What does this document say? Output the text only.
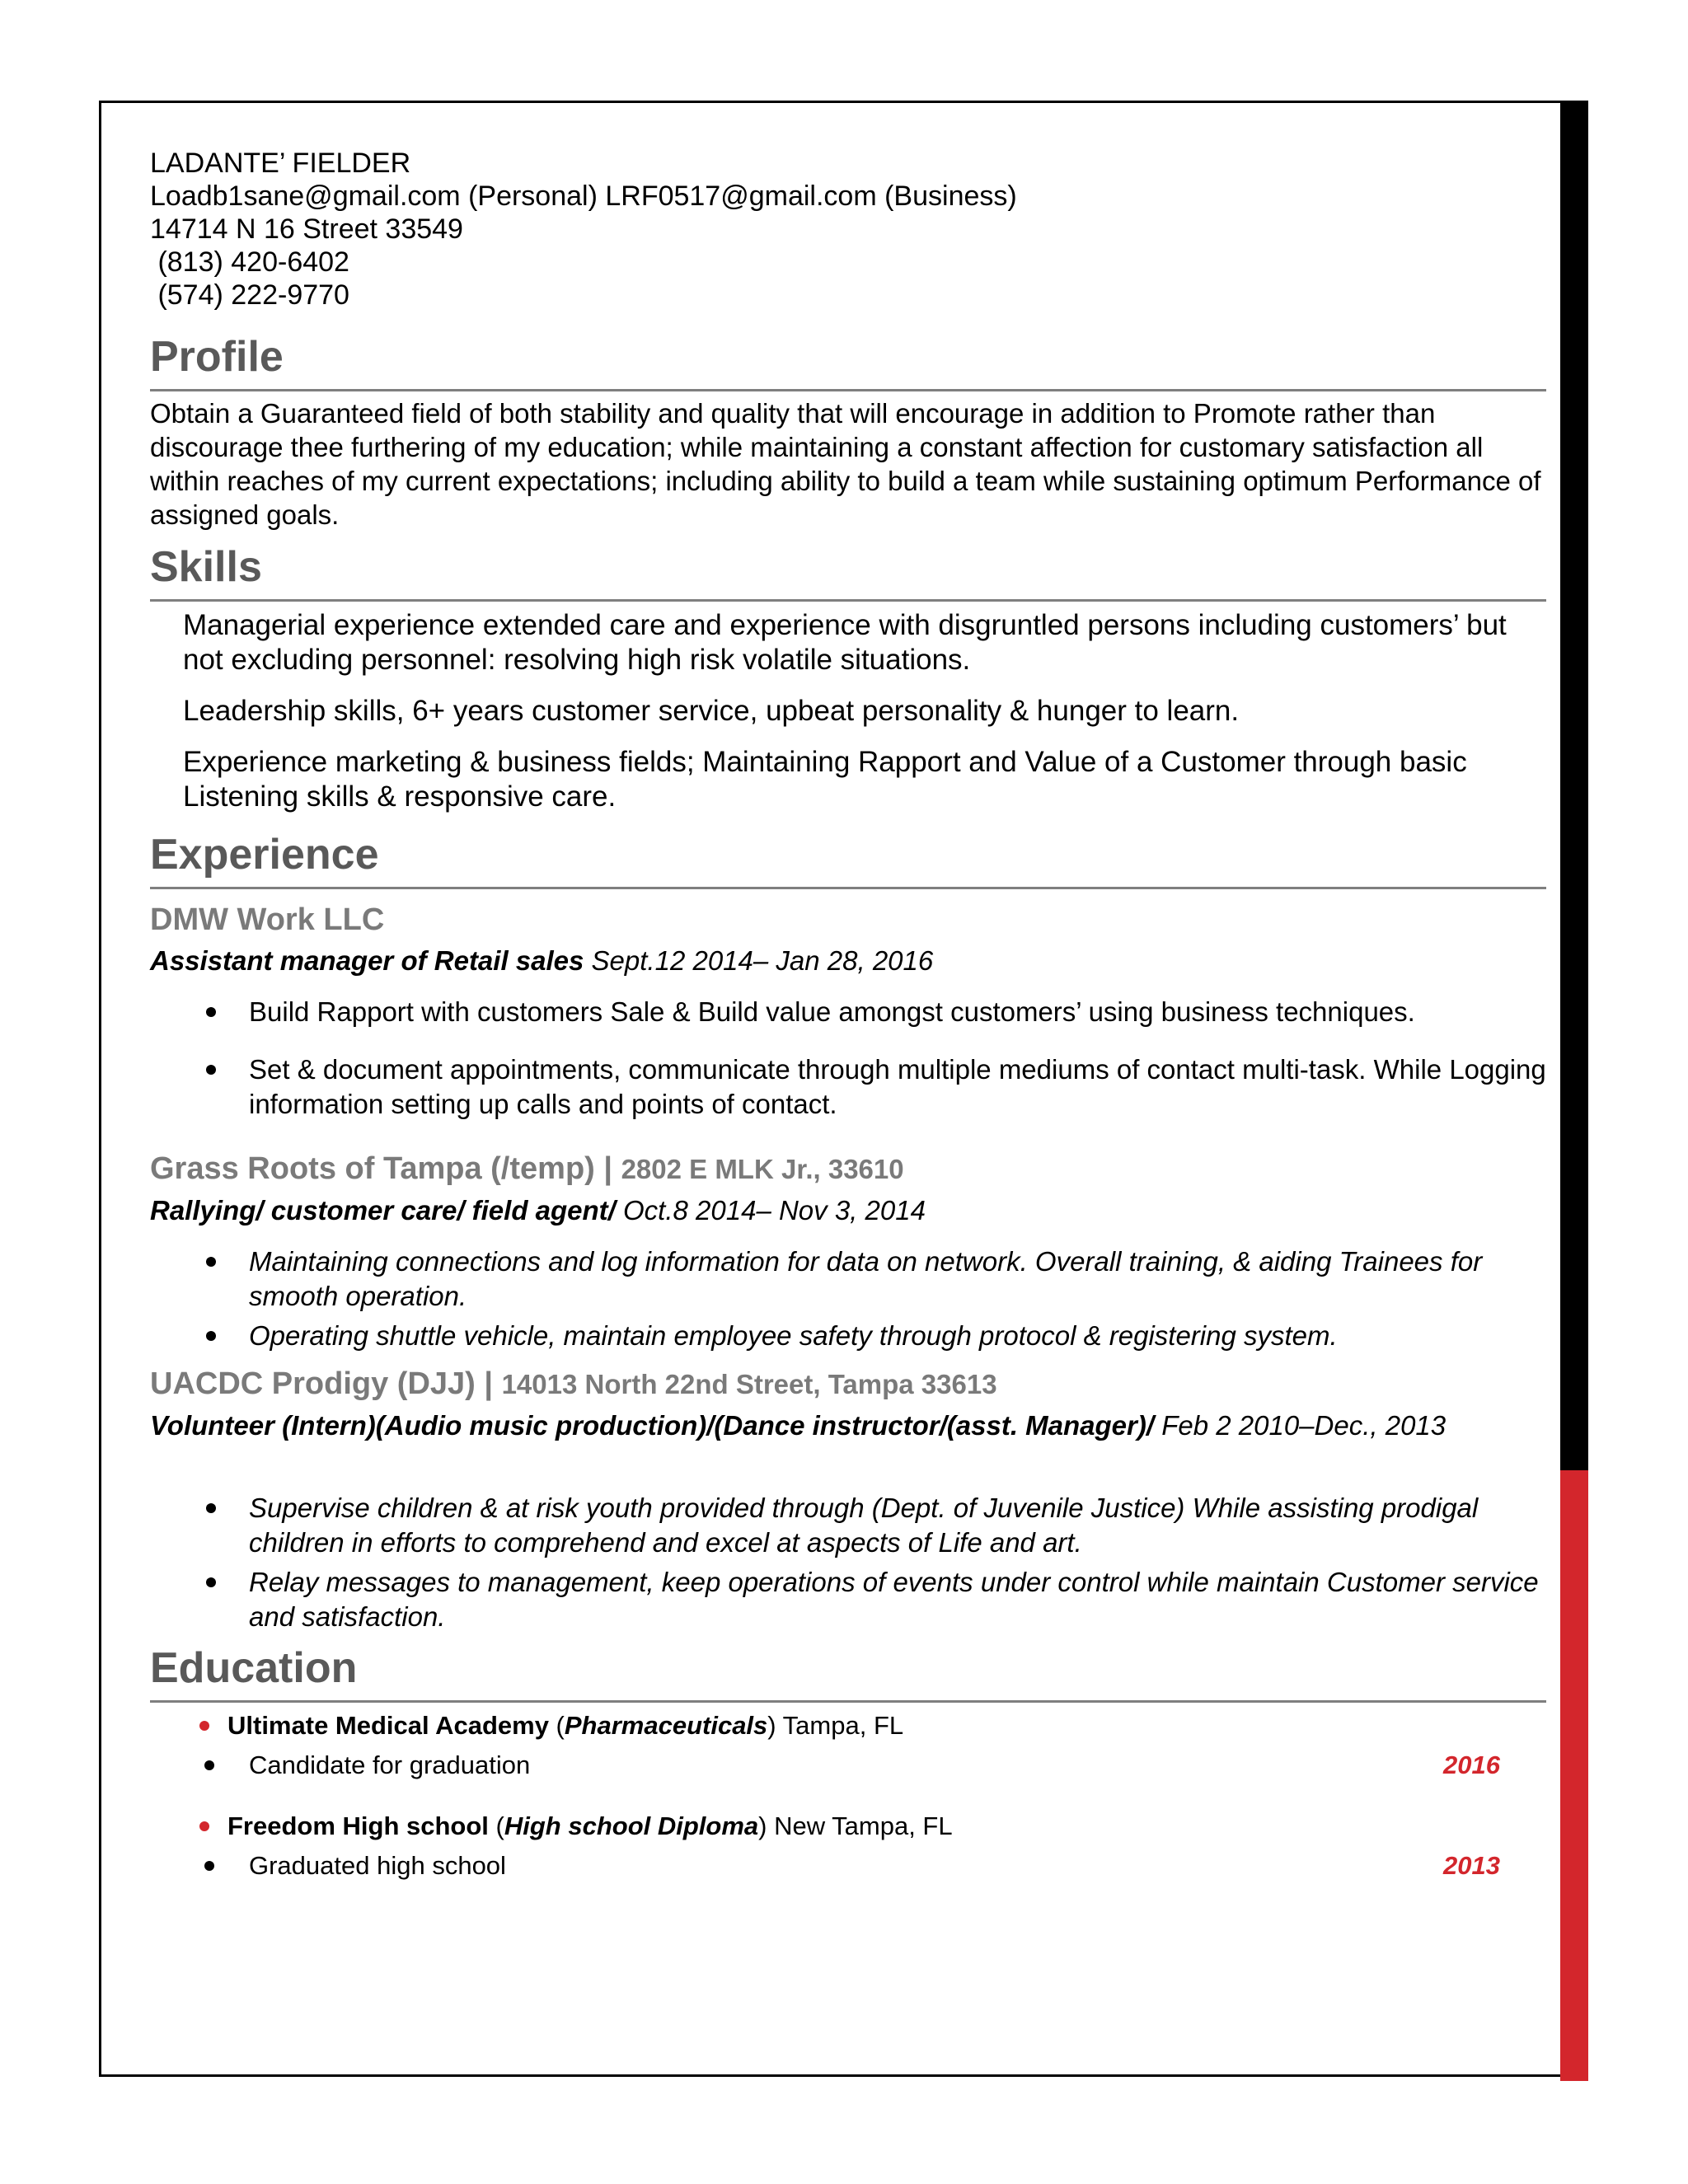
LADANTE’ FIELDER
Loadb1sane@gmail.com (Personal) LRF0517@gmail.com (Business)
14714 N 16 Street 33549
(813) 420-6402
(574) 222-9770
Profile

Obtain a Guaranteed field of both stability and quality that will encourage in addition to Promote rather than discourage thee furthering of my education; while maintaining a constant affection for customary satisfaction all within reaches of my current expectations; including ability to build a team while sustaining optimum Performance of assigned goals.

Skills

Managerial experience extended care and experience with disgruntled persons including customers’ but not excluding personnel: resolving high risk volatile situations.

Leadership skills, 6+ years customer service, upbeat personality & hunger to learn.

Experience marketing & business fields; Maintaining Rapport and Value of a Customer through basic Listening skills & responsive care.

Experience
DMW Work LLC
Assistant manager of Retail sales Sept.12 2014– Jan 28, 2016
Build Rapport with customers Sale & Build value amongst customers’ using business techniques.
Set & document appointments, communicate through multiple mediums of contact multi-task. While Logging information setting up calls and points of contact.
Grass Roots of Tampa (/temp) | 2802 E MLK Jr., 33610
Rallying/ customer care/ field agent/ Oct.8 2014– Nov 3, 2014
Maintaining connections and log information for data on network. Overall training, & aiding Trainees for smooth operation.
Operating shuttle vehicle, maintain employee safety through protocol & registering system.
UACDC Prodigy (DJJ) | 14013 North 22nd Street, Tampa 33613
Volunteer (Intern)(Audio music production)/(Dance instructor/(asst. Manager)/ Feb 2 2010–Dec., 2013
Supervise children & at risk youth provided through (Dept. of Juvenile Justice) While assisting prodigal children in efforts to comprehend and excel at aspects of Life and art.
Relay messages to management, keep operations of events under control while maintain Customer service and satisfaction.
Education
Ultimate Medical Academy (Pharmaceuticals) Tampa, FL
Candidate for graduation	2016
Freedom High school (High school Diploma) New Tampa, FL
Graduated high school	2013
